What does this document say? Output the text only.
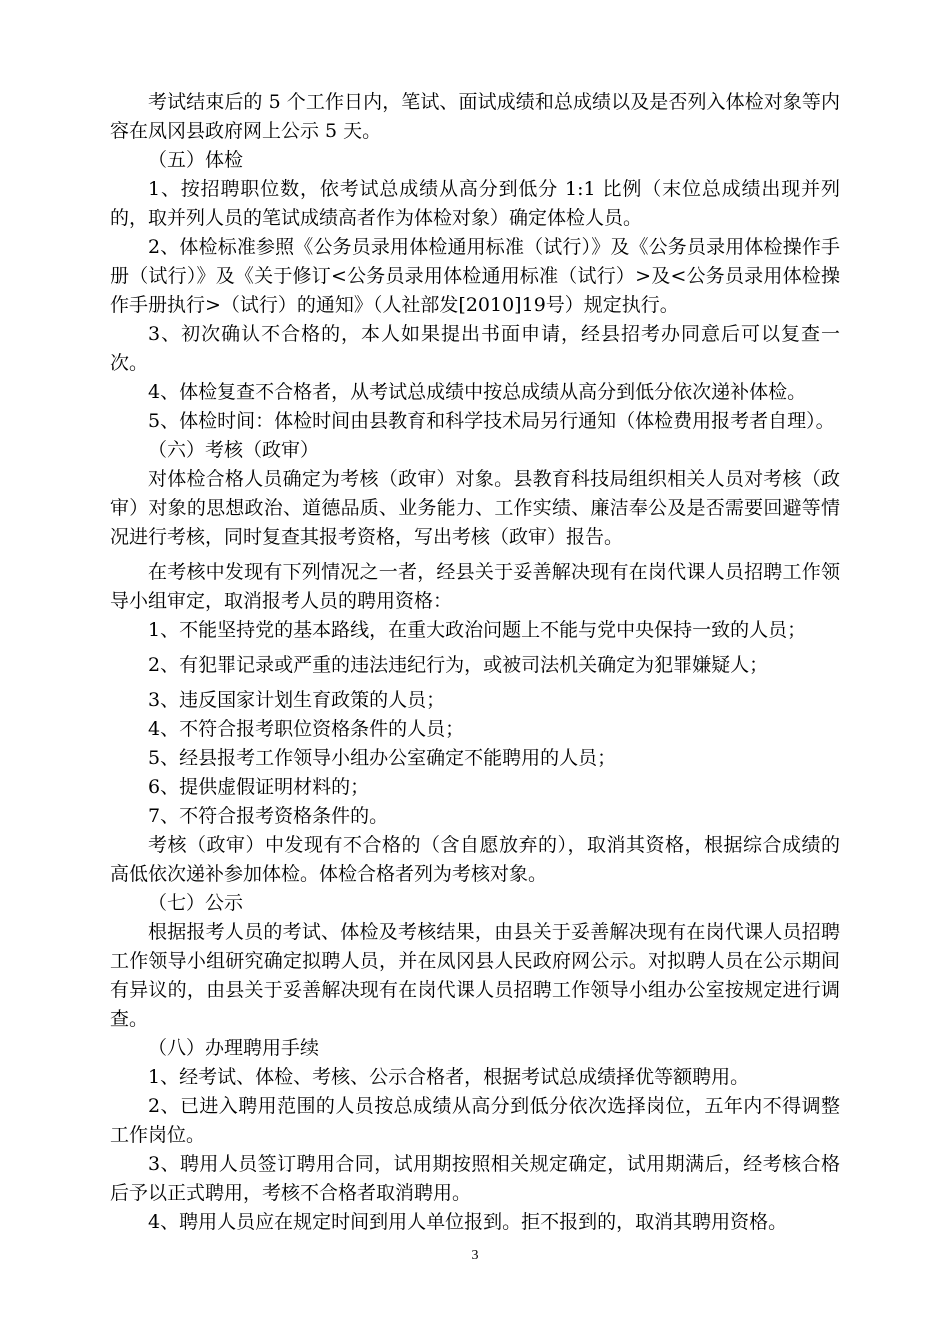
考试结束后的 5 个工作日内，笔试、面试成绩和总成绩以及是否列入体检对象等内容在凤冈县政府网上公示 5 天。

（五）体检

1、按招聘职位数，依考试总成绩从高分到低分 1:1 比例（末位总成绩出现并列的，取并列人员的笔试成绩高者作为体检对象）确定体检人员。

2、体检标准参照《公务员录用体检通用标准（试行）》及《公务员录用体检操作手册（试行）》及《关于修订<公务员录用体检通用标准（试行）>及<公务员录用体检操作手册执行>（试行）的通知》（人社部发[2010]19号）规定执行。

3、初次确认不合格的，本人如果提出书面申请，经县招考办同意后可以复查一次。

4、体检复查不合格者，从考试总成绩中按总成绩从高分到低分依次递补体检。

5、体检时间：体检时间由县教育和科学技术局另行通知（体检费用报考者自理）。

（六）考核（政审）

对体检合格人员确定为考核（政审）对象。县教育科技局组织相关人员对考核（政审）对象的思想政治、道德品质、业务能力、工作实绩、廉洁奉公及是否需要回避等情况进行考核，同时复查其报考资格，写出考核（政审）报告。

在考核中发现有下列情况之一者，经县关于妥善解决现有在岗代课人员招聘工作领导小组审定，取消报考人员的聘用资格：

1、不能坚持党的基本路线，在重大政治问题上不能与党中央保持一致的人员；

2、有犯罪记录或严重的违法违纪行为，或被司法机关确定为犯罪嫌疑人；

3、违反国家计划生育政策的人员；

4、不符合报考职位资格条件的人员；

5、经县报考工作领导小组办公室确定不能聘用的人员；

6、提供虚假证明材料的；

7、不符合报考资格条件的。

考核（政审）中发现有不合格的（含自愿放弃的），取消其资格，根据综合成绩的高低依次递补参加体检。体检合格者列为考核对象。

（七）公示

根据报考人员的考试、体检及考核结果，由县关于妥善解决现有在岗代课人员招聘工作领导小组研究确定拟聘人员，并在凤冈县人民政府网公示。对拟聘人员在公示期间有异议的，由县关于妥善解决现有在岗代课人员招聘工作领导小组办公室按规定进行调查。

（八）办理聘用手续

1、经考试、体检、考核、公示合格者，根据考试总成绩择优等额聘用。

2、已进入聘用范围的人员按总成绩从高分到低分依次选择岗位，五年内不得调整工作岗位。

3、聘用人员签订聘用合同，试用期按照相关规定确定，试用期满后，经考核合格后予以正式聘用，考核不合格者取消聘用。

4、聘用人员应在规定时间到用人单位报到。拒不报到的，取消其聘用资格。

3
